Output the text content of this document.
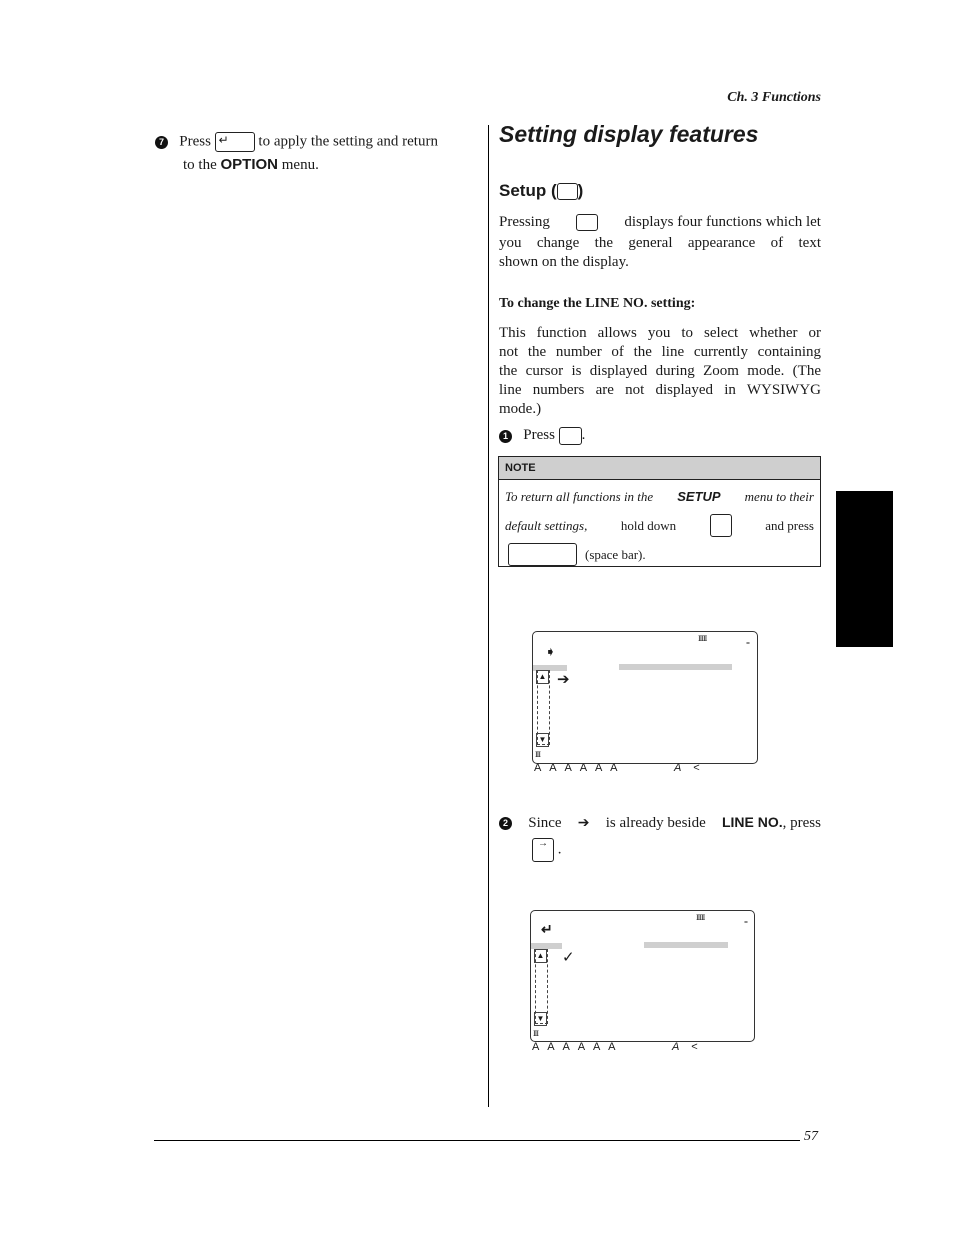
Ch. 3 Functions
7 Press ↵ to apply the setting and return
to the OPTION menu.
Setting display features
Setup ( )
Pressing	displays four functions which let
you change the general appearance of text
shown on the display.
To change the LINE NO. setting:
This function allows you to select whether or
not the number of the line currently containing
the cursor is displayed during Zoom mode. (The
line numbers are not displayed in WYSIWYG
mode.)
1 Press .
NOTE
To return all functions in the SETUP menu to their
default settings,	hold down	and press
(space bar).
IIIII	-
➧
➔
▲
▼
III
A  A  A  A  A  A	A    <
2 Since ➔ is already beside LINE NO., press
→ .
IIIII	-
↵
✓
▲
▼
III
A  A  A  A  A  A	A    <
57
